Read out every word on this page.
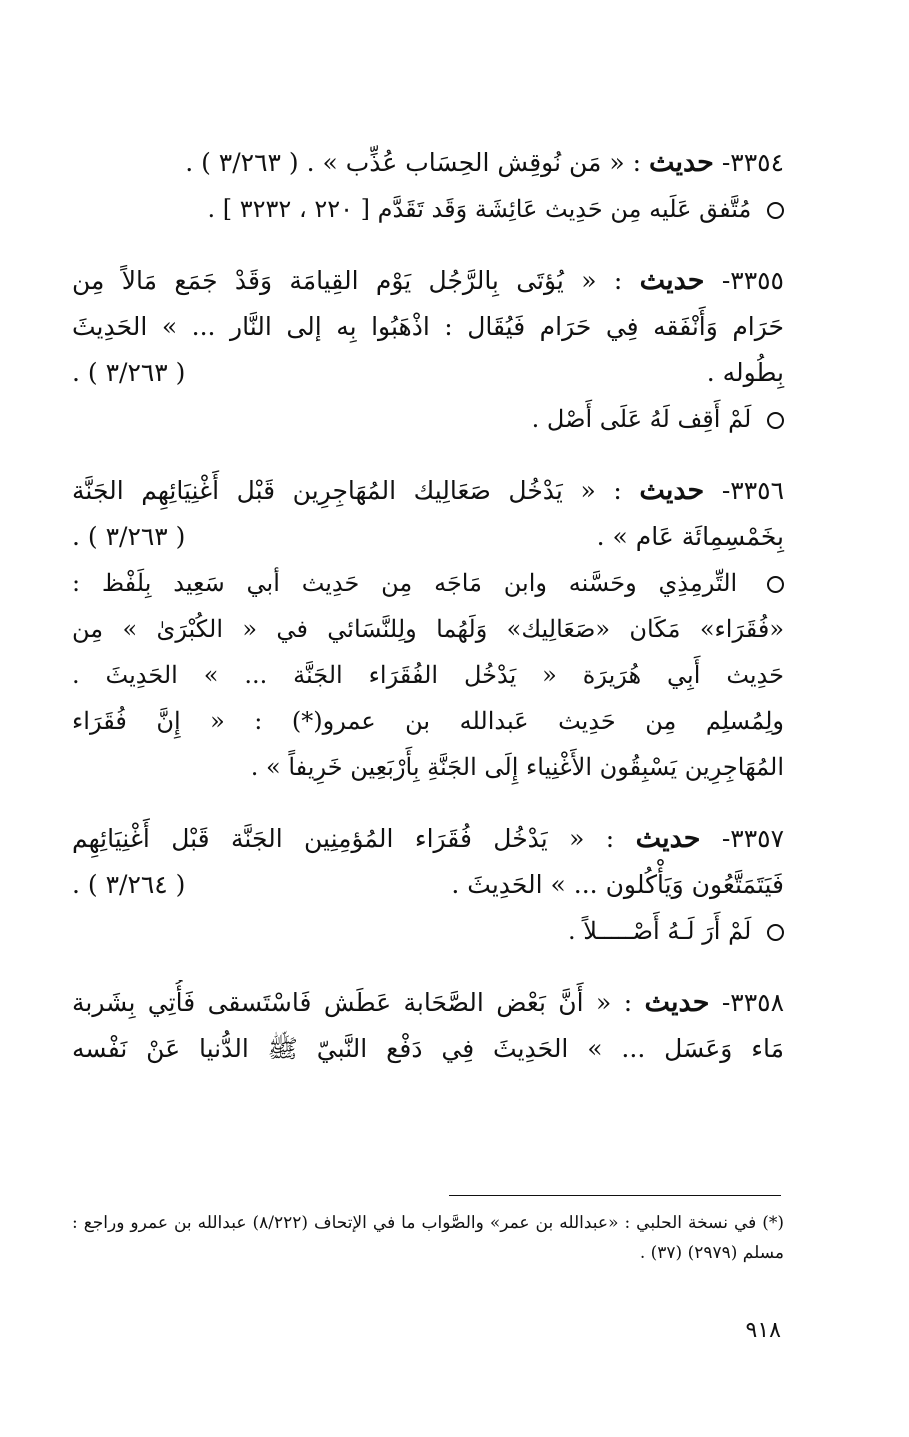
٣٣٥٤- حديث : « مَن نُوقِش الحِسَاب عُذِّب » . ( ٣/٢٦٣ ) .
مُتَّفق عَلَيه مِن حَدِيث عَائِشَة وَقَد تَقَدَّم [ ٢٢٠ ، ٣٢٣٢ ] .
٣٣٥٥- حديث : « يُؤتَى بِالرَّجُل يَوْم القِيامَة وَقَدْ جَمَع مَالاً مِن
حَرَام وَأَنْفَقه فِي حَرَام فَيُقَال : اذْهَبُوا بِه إلى النَّار ... » الحَدِيثَ
بِطُوله .
( ٣/٢٦٣ ) .
لَمْ أَقِف لَهُ عَلَى أَصْل .
٣٣٥٦- حديث : « يَدْخُل صَعَالِيك المُهَاجِرِين قَبْل أَغْنِيَائِهِم الجَنَّة
بِخَمْسِمِائَة عَام » .
( ٣/٢٦٣ ) .
التِّرمِذِي وحَسَّنه وابن مَاجَه مِن حَدِيث أبي سَعِيد بِلَفْظ :
«فُقَرَاء» مَكَان «صَعَالِيك» وَلَهُما ولِلنَّسَائي في « الكُبْرَىٰ » مِن
حَدِيث أَبِي هُرَيرَة « يَدْخُل الفُقَرَاء الجَنَّة ... » الحَدِيثَ .
ولِمُسلِم مِن حَدِيث عَبدالله بن عمرو(*) : « إِنَّ فُقَرَاء
المُهَاجِرِين يَسْبِقُون الأَغْنِياء إِلَى الجَنَّةِ بِأَرْبَعِين خَرِيفاً » .
٣٣٥٧- حديث : « يَدْخُل فُقَرَاء المُؤمِنِين الجَنَّة قَبْل أَغْنِيَائِهِم
فَيَتَمَتَّعُون وَيَأْكُلون ... » الحَدِيثَ .
( ٣/٢٦٤ ) .
لَمْ أَرَ لَـهُ أَصْـــــلاً .
٣٣٥٨- حديث : « أَنَّ بَعْض الصَّحَابة عَطَش فَاسْتَسقى فَأُتِي بِشَربة
مَاء وَعَسَل ... » الحَدِيثَ فِي دَفْع النَّبيّ ﷺ الدُّنيا عَنْ نَفْسه
(*) في نسخة الحلبي : «عبدالله بن عمر» والصَّواب ما في الإتحاف (٨/٢٢٢) عبدالله بن عمرو وراجع :
مسلم (٢٩٧٩) (٣٧) .
٩١٨
